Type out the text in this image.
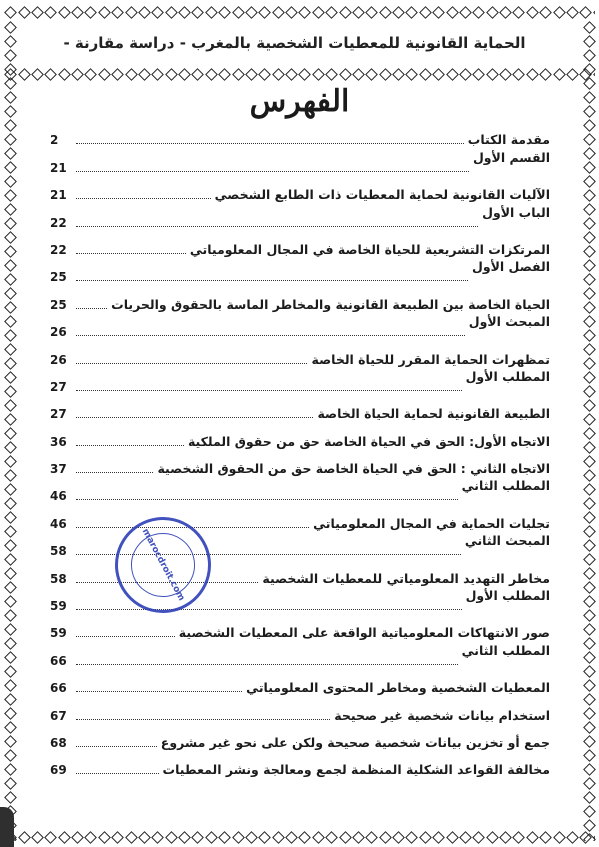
الحماية القانونية للمعطيات الشخصية بالمغرب - دراسة مقارنة -
الفهرس
مقدمة الكتاب
2
القسم الأول
21
الآليات القانونية لحماية المعطيات ذات الطابع الشخصي
21
الباب الأول
22
المرتكزات التشريعية للحياة الخاصة في المجال المعلومياتي
22
الفصل الأول
25
الحياة الخاصة بين الطبيعة القانونية والمخاطر الماسة بالحقوق والحريات
25
المبحث الأول
26
تمظهرات الحماية المقرر للحياة الخاصة
26
المطلب الأول
27
الطبيعة القانونية لحماية الحياة الخاصة
27
الاتجاه الأول: الحق في الحياة الخاصة حق من حقوق الملكية
36
الاتجاه الثاني : الحق في الحياة الخاصة حق من الحقوق الشخصية
37
المطلب الثاني
46
تجليات الحماية في المجال المعلومياتي
46
المبحث الثاني
58
مخاطر التهديد المعلومياتي للمعطيات الشخصية
58
المطلب الأول
59
صور الانتهاكات المعلومياتية الواقعة على المعطيات الشخصية
59
المطلب الثاني
66
المعطيات الشخصية ومخاطر المحتوى المعلومياتي
66
استخدام بيانات شخصية غير صحيحة
67
جمع أو تخزين بيانات شخصية صحيحة ولكن على نحو غير مشروع
68
مخالفة القواعد الشكلية المنظمة لجمع ومعالجة ونشر المعطيات
69
marocdroit.com
